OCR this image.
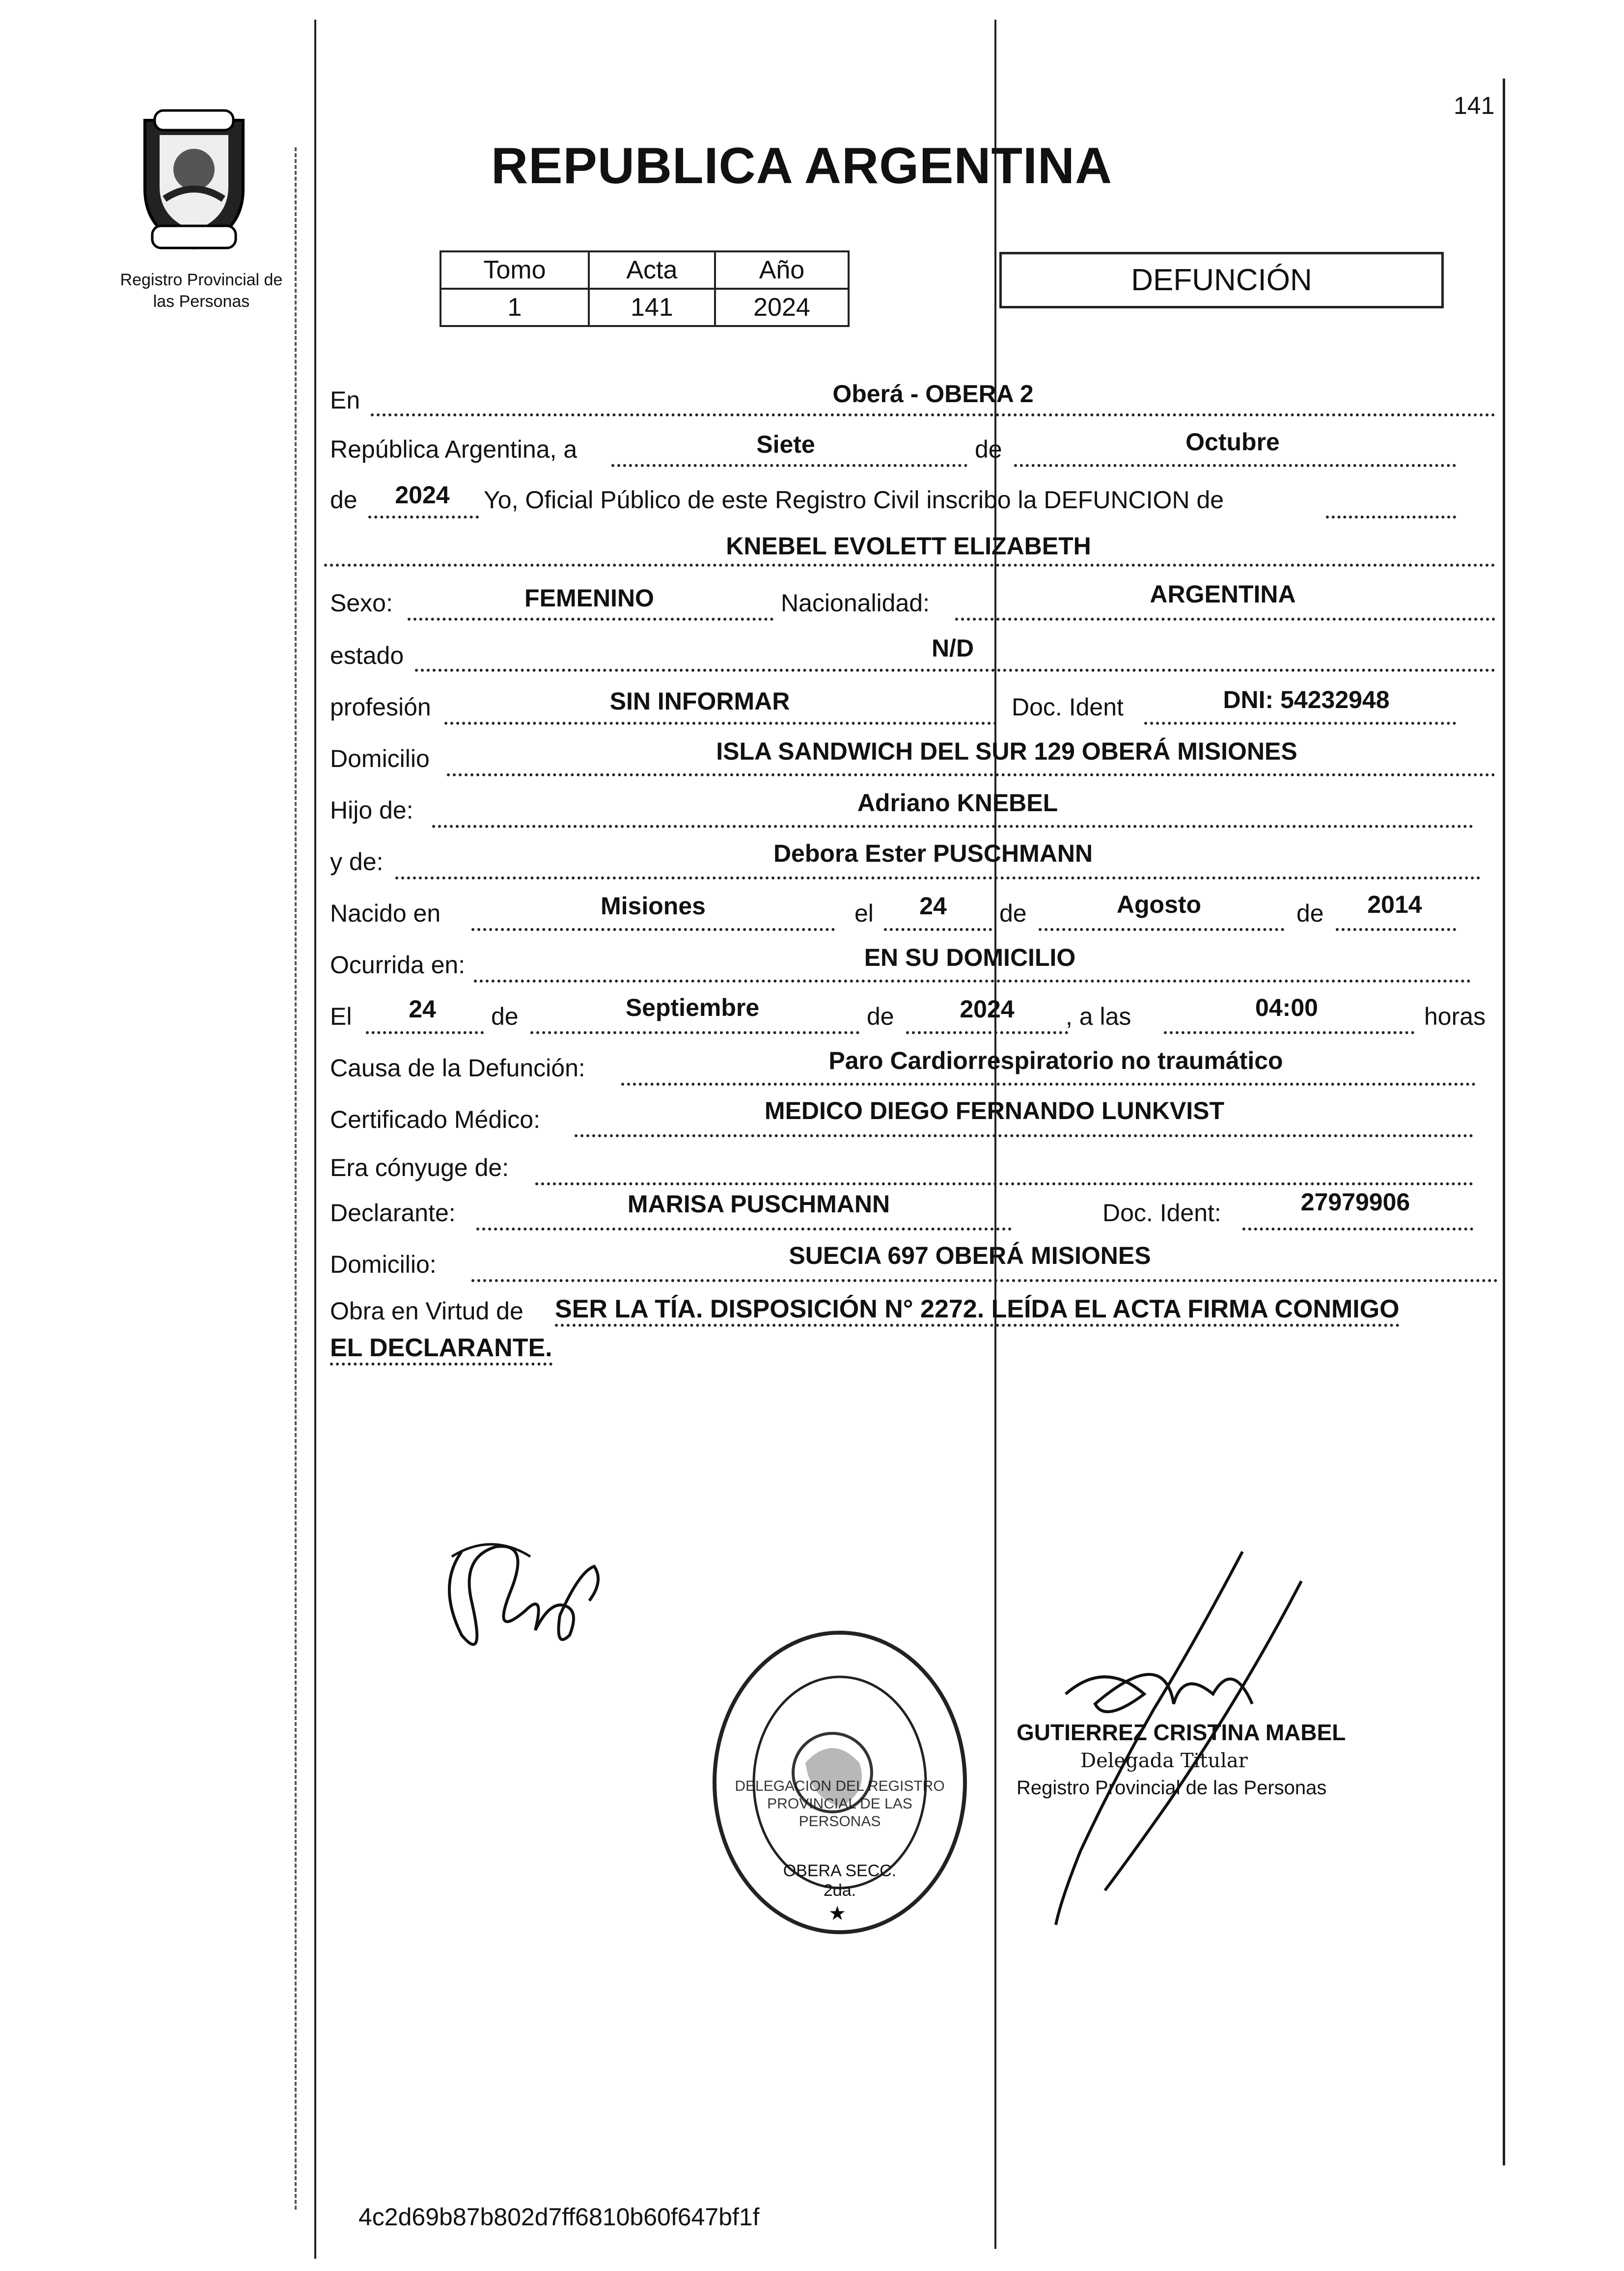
141
Registro Provincial de
las Personas
REPUBLICA ARGENTINA
Tomo	Acta	Año
1	141	2024
DEFUNCIÓN
En	Oberá - OBERA 2
República Argentina, a	Siete	de	Octubre
de	2024	Yo, Oficial Público de este Registro Civil inscribo la DEFUNCION de
KNEBEL EVOLETT ELIZABETH
Sexo:	FEMENINO	Nacionalidad:	ARGENTINA
estado	N/D
profesión	SIN INFORMAR	Doc. Ident	DNI: 54232948
Domicilio	ISLA SANDWICH DEL SUR 129 OBERÁ MISIONES
Hijo de:	Adriano KNEBEL
y de:	Debora Ester PUSCHMANN
Nacido en	Misiones	el	24	de	Agosto	de	2014
Ocurrida en:	EN SU DOMICILIO
El	24	de	Septiembre	de	2024	, a las	04:00	horas
Causa de la Defunción:	Paro Cardiorrespiratorio no traumático
Certificado Médico:	MEDICO DIEGO FERNANDO LUNKVIST
Era cónyuge de:
Declarante:	MARISA PUSCHMANN	Doc. Ident:	27979906
Domicilio:	SUECIA 697 OBERÁ MISIONES
Obra en Virtud de SER LA TÍA. DISPOSICIÓN N° 2272. LEÍDA EL ACTA FIRMA CONMIGO
EL DECLARANTE.
★
DELEGACION DEL REGISTRO PROVINCIAL DE LAS PERSONAS
OBERA SECC. 2da.
GUTIERREZ CRISTINA MABEL
Delegada Titular
Registro Provincial de las Personas
4c2d69b87b802d7ff6810b60f647bf1f
